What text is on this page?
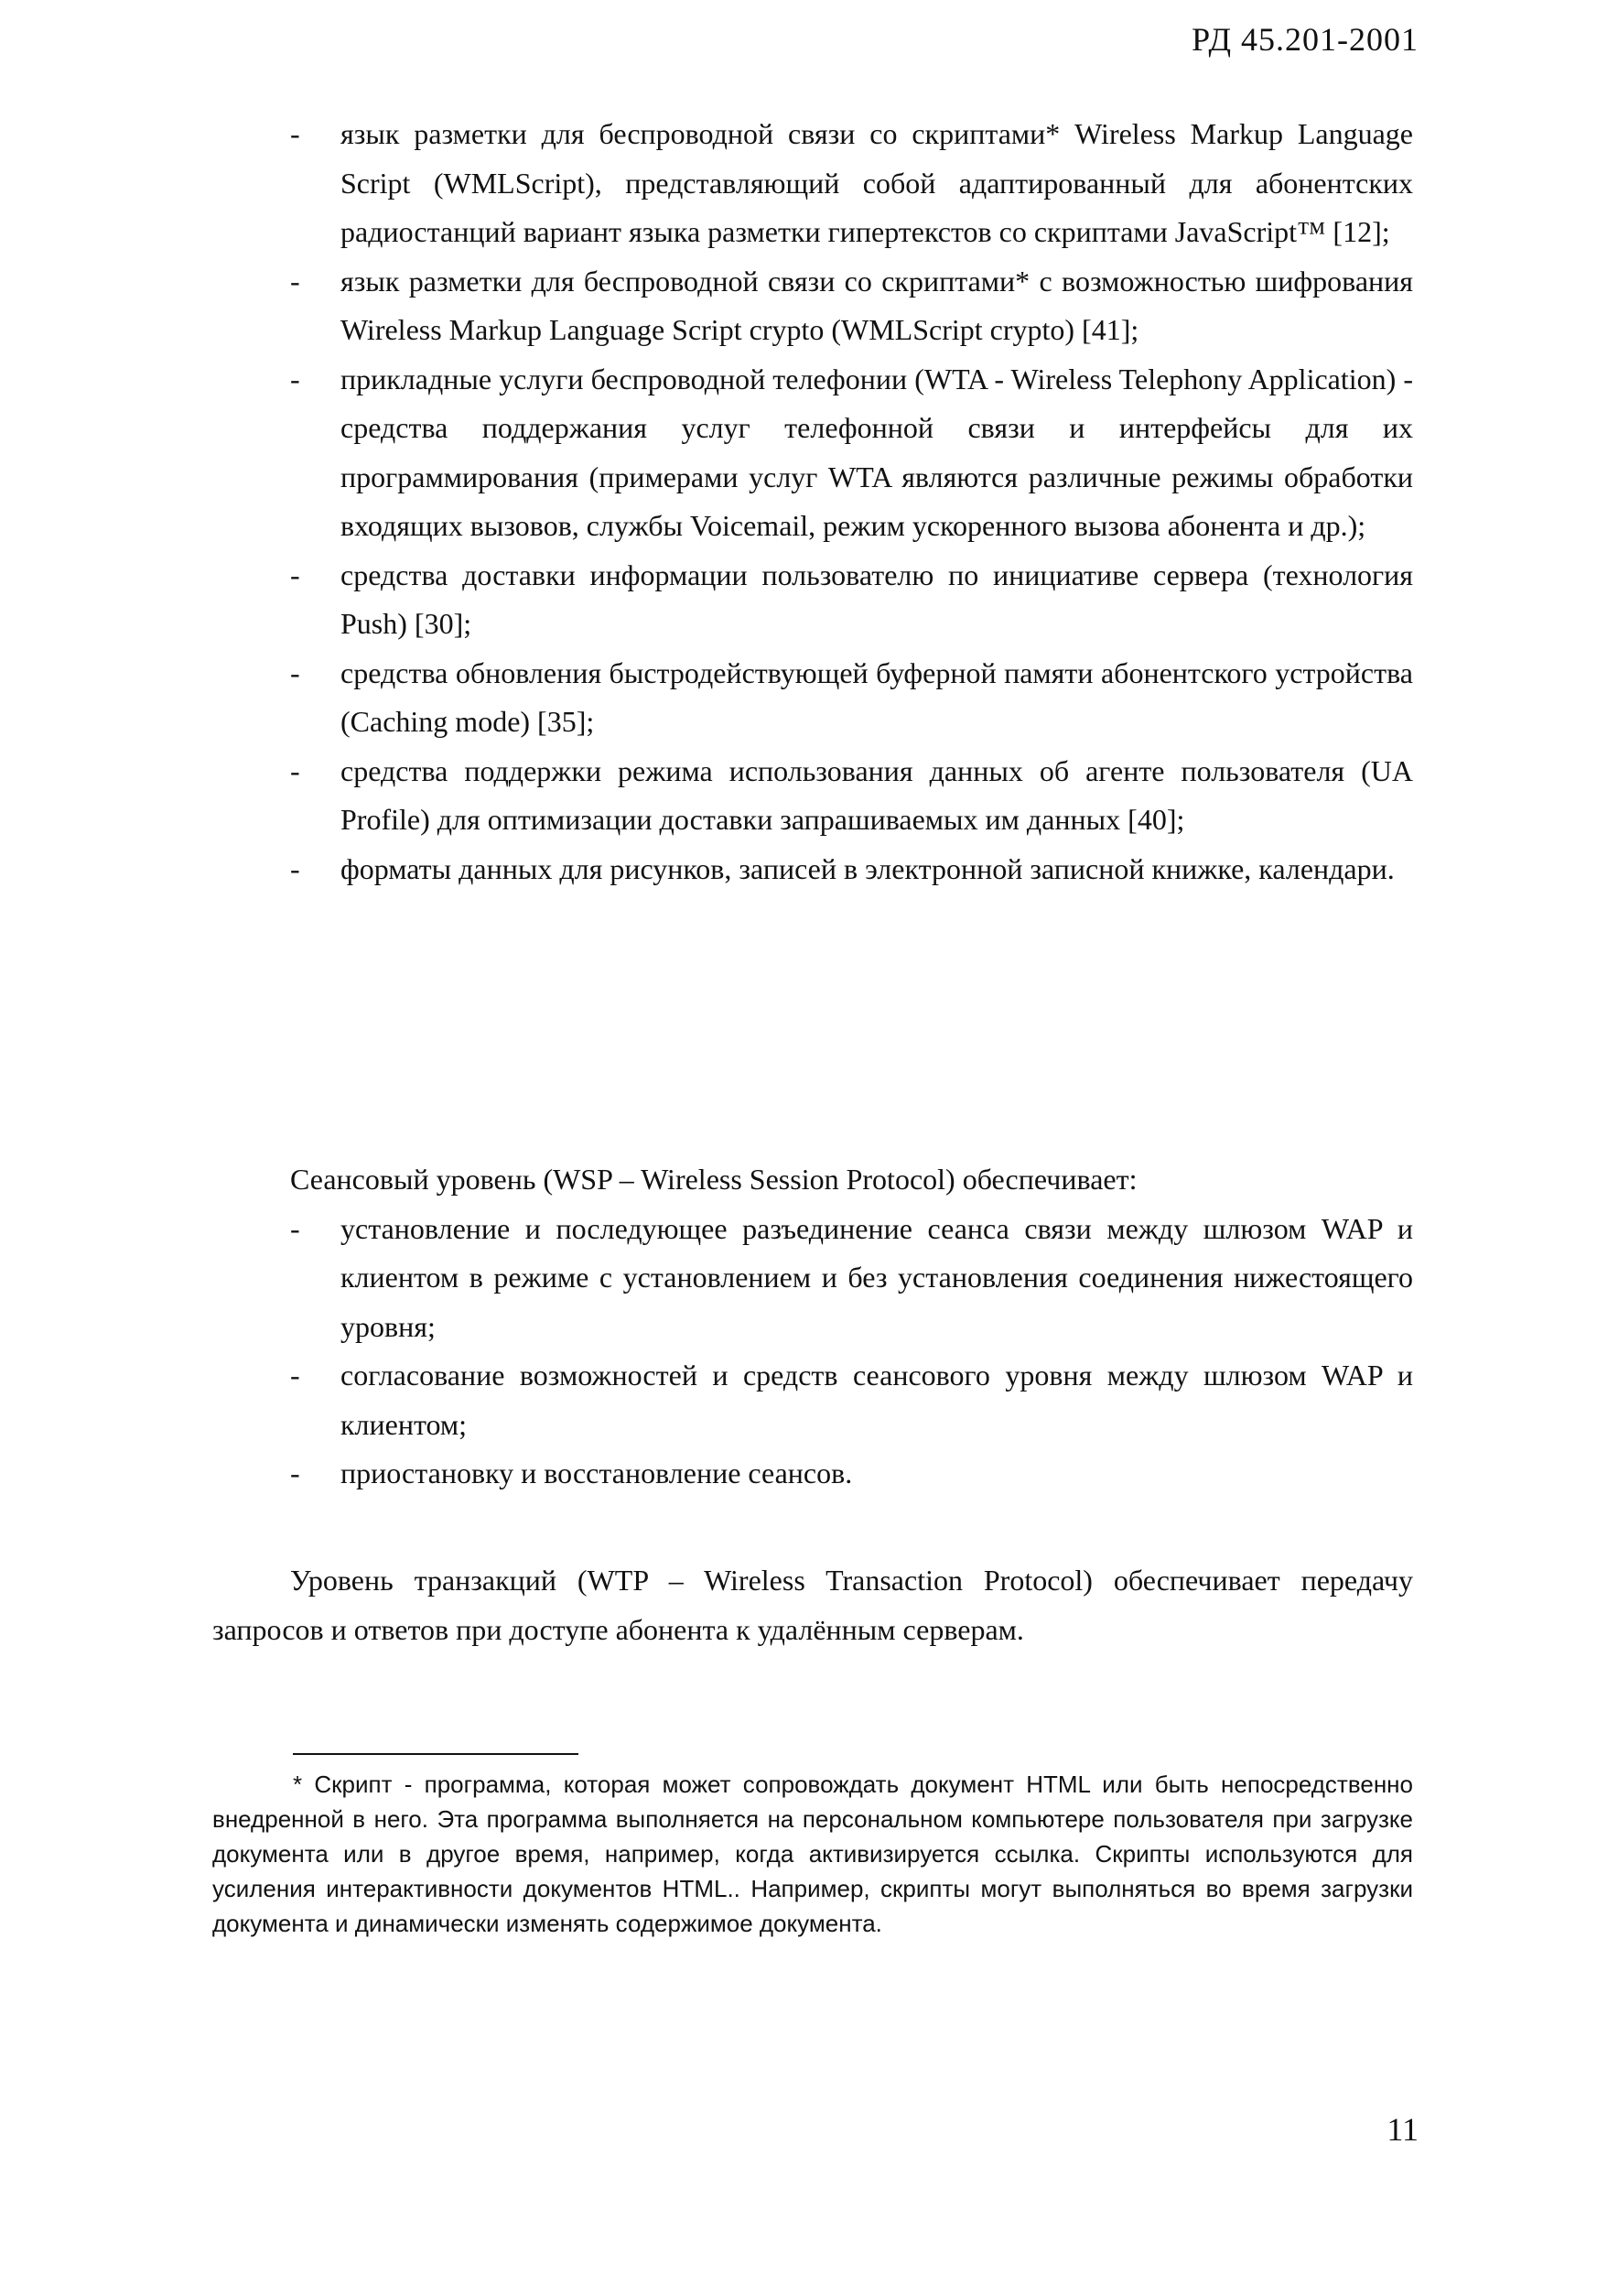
РД 45.201-2001
- язык разметки для беспроводной связи со скриптами* Wireless Markup Language Script (WMLScript), представляющий собой адаптированный для абонентских радиостанций вариант языка разметки гипертекстов со скриптами JavaScript™ [12];
- язык разметки для беспроводной связи со скриптами* с возможностью шифрования Wireless Markup Language Script crypto (WMLScript crypto) [41];
- прикладные услуги беспроводной телефонии (WTA - Wireless Telephony Application) - средства поддержания услуг телефонной связи и интерфейсы для их программирования (примерами услуг WTA являются различные режимы обработки входящих вызовов, службы Voicemail, режим ускоренного вызова абонента и др.);
- средства доставки информации пользователю по инициативе сервера (технология Push) [30];
- средства обновления быстродействующей буферной памяти абонентского устройства (Caching mode) [35];
- средства поддержки режима использования данных об агенте пользователя (UA Profile) для оптимизации доставки запрашиваемых им данных [40];
- форматы данных для рисунков, записей в электронной записной книжке, календари.

Сеансовый уровень (WSP – Wireless Session Protocol) обеспечивает:

- установление и последующее разъединение сеанса связи между шлюзом WAP и клиентом в режиме с установлением и без установления соединения нижестоящего уровня;
- согласование возможностей и средств сеансового уровня между шлюзом WAP и клиентом;
- приостановку и восстановление сеансов.

Уровень транзакций (WTP – Wireless Transaction Protocol) обеспечивает передачу запросов и ответов при доступе абонента к удалённым серверам.

* Скрипт - программа, которая может сопровождать документ HTML или быть непосредственно внедренной в него. Эта программа выполняется на персональном компьютере пользователя при загрузке документа или в другое время, например, когда активизируется ссылка. Скрипты используются для усиления интерактивности документов HTML.. Например, скрипты могут выполняться во время загрузки документа и динамически изменять содержимое документа.

11
